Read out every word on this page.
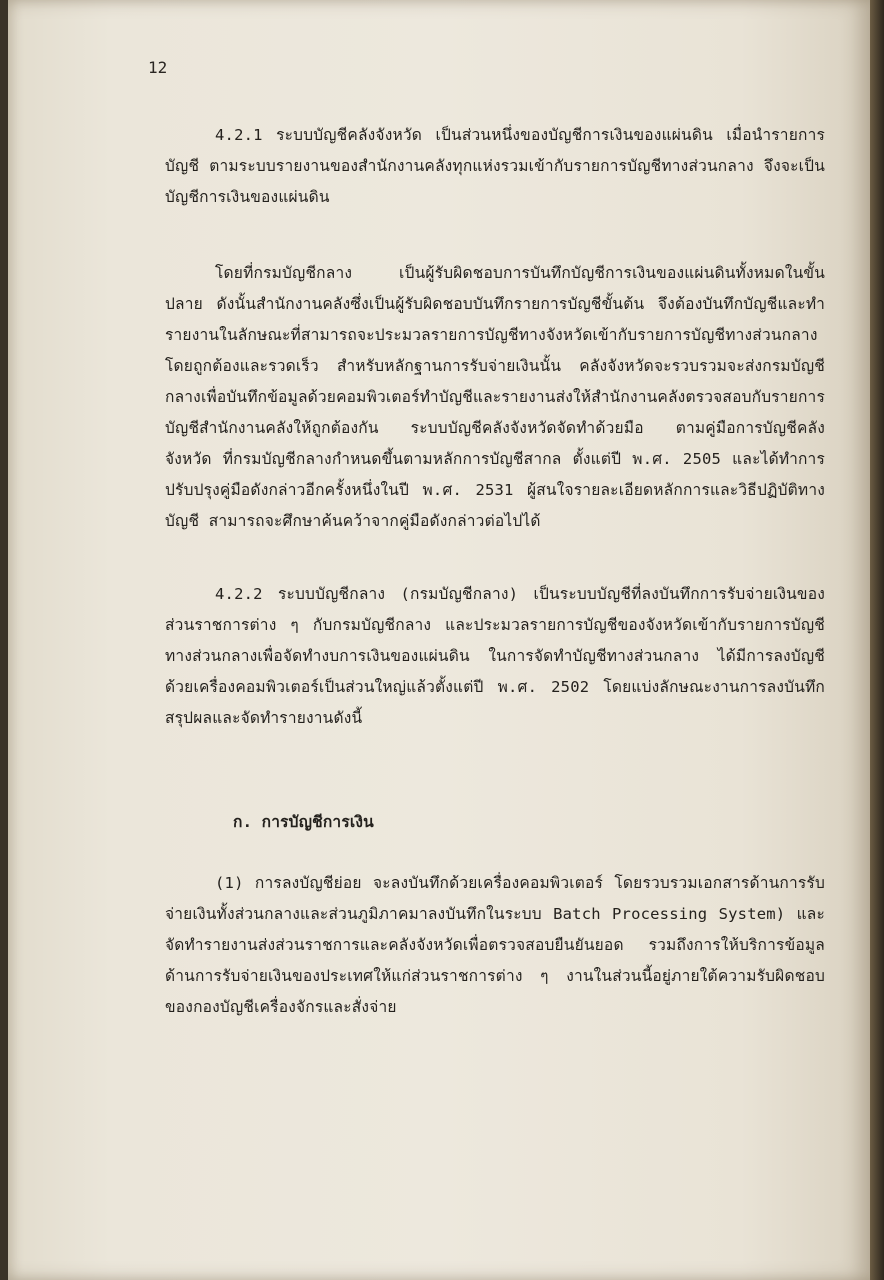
12

4.2.1 ระบบบัญชีคลังจังหวัด เป็นส่วนหนึ่งของบัญชีการเงินของแผ่นดิน เมื่อนำรายการบัญชี ตามระบบรายงานของสำนักงานคลังทุกแห่งรวมเข้ากับรายการบัญชีทางส่วนกลาง จึงจะเป็นบัญชีการเงินของแผ่นดิน

โดยที่กรมบัญชีกลาง เป็นผู้รับผิดชอบการบันทึกบัญชีการเงินของแผ่นดินทั้งหมดในขั้นปลาย ดังนั้นสำนักงานคลังซึ่งเป็นผู้รับผิดชอบบันทึกรายการบัญชีขั้นต้น จึงต้องบันทึกบัญชีและทำรายงานในลักษณะที่สามารถจะประมวลรายการบัญชีทางจังหวัดเข้ากับรายการบัญชีทางส่วนกลางโดยถูกต้องและรวดเร็ว สำหรับหลักฐานการรับจ่ายเงินนั้น คลังจังหวัดจะรวบรวมจะส่งกรมบัญชีกลางเพื่อบันทึกข้อมูลด้วยคอมพิวเตอร์ทำบัญชีและรายงานส่งให้สำนักงานคลังตรวจสอบกับรายการบัญชีสำนักงานคลังให้ถูกต้องกัน ระบบบัญชีคลังจังหวัดจัดทำด้วยมือ ตามคู่มือการบัญชีคลังจังหวัด ที่กรมบัญชีกลางกำหนดขึ้นตามหลักการบัญชีสากล ตั้งแต่ปี พ.ศ. 2505 และได้ทำการปรับปรุงคู่มือดังกล่าวอีกครั้งหนึ่งในปี พ.ศ. 2531 ผู้สนใจรายละเอียดหลักการและวิธีปฏิบัติทางบัญชี สามารถจะศึกษาค้นคว้าจากคู่มือดังกล่าวต่อไปได้

4.2.2 ระบบบัญชีกลาง (กรมบัญชีกลาง) เป็นระบบบัญชีที่ลงบันทึกการรับจ่ายเงินของส่วนราชการต่าง ๆ กับกรมบัญชีกลาง และประมวลรายการบัญชีของจังหวัดเข้ากับรายการบัญชีทางส่วนกลางเพื่อจัดทำงบการเงินของแผ่นดิน ในการจัดทำบัญชีทางส่วนกลาง ได้มีการลงบัญชีด้วยเครื่องคอมพิวเตอร์เป็นส่วนใหญ่แล้วตั้งแต่ปี พ.ศ. 2502 โดยแบ่งลักษณะงานการลงบันทึกสรุปผลและจัดทำรายงานดังนี้

ก. การบัญชีการเงิน

(1) การลงบัญชีย่อย จะลงบันทึกด้วยเครื่องคอมพิวเตอร์ โดยรวบรวมเอกสารด้านการรับจ่ายเงินทั้งส่วนกลางและส่วนภูมิภาคมาลงบันทึกในระบบ Batch Processing System) และจัดทำรายงานส่งส่วนราชการและคลังจังหวัดเพื่อตรวจสอบยืนยันยอด รวมถึงการให้บริการข้อมูลด้านการรับจ่ายเงินของประเทศให้แก่ส่วนราชการต่าง ๆ งานในส่วนนี้อยู่ภายใต้ความรับผิดชอบของกองบัญชีเครื่องจักรและสั่งจ่าย
